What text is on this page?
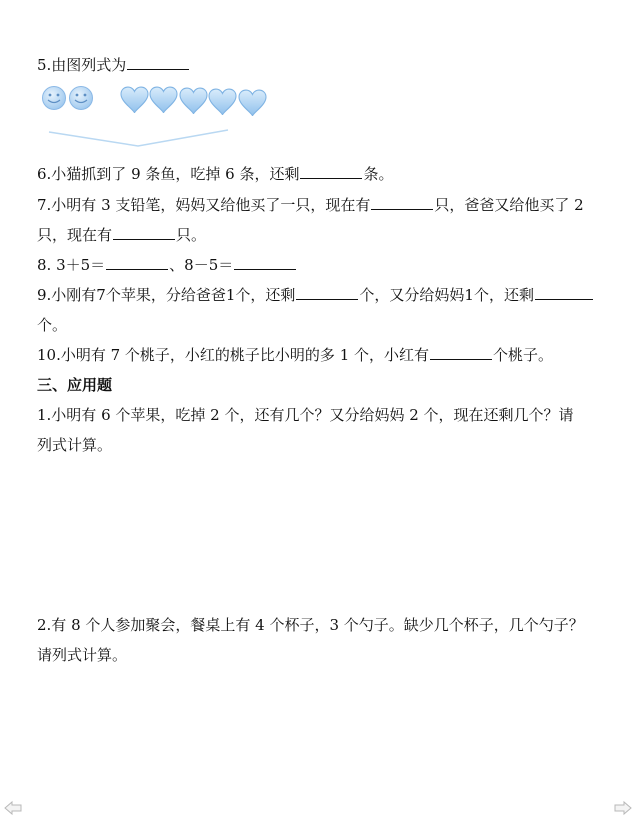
5.由图列式为
6.小猫抓到了 9 条鱼，吃掉 6 条，还剩	条。
7.小明有 3 支铅笔，妈妈又给他买了一只，现在有	只，爸爸又给他买了 2
只，现在有	只。
8. 3＋5＝	、8－5＝
9.小刚有7个苹果，分给爸爸1个，还剩	个，又分给妈妈1个，还剩
个。
10.小明有 7 个桃子，小红的桃子比小明的多 1 个，小红有	个桃子。
三、应用题
1.小明有 6 个苹果，吃掉 2 个，还有几个？又分给妈妈 2 个，现在还剩几个？请
列式计算。
2.有 8 个人参加聚会，餐桌上有 4 个杯子，3 个勺子。缺少几个杯子，几个勺子？
请列式计算。
